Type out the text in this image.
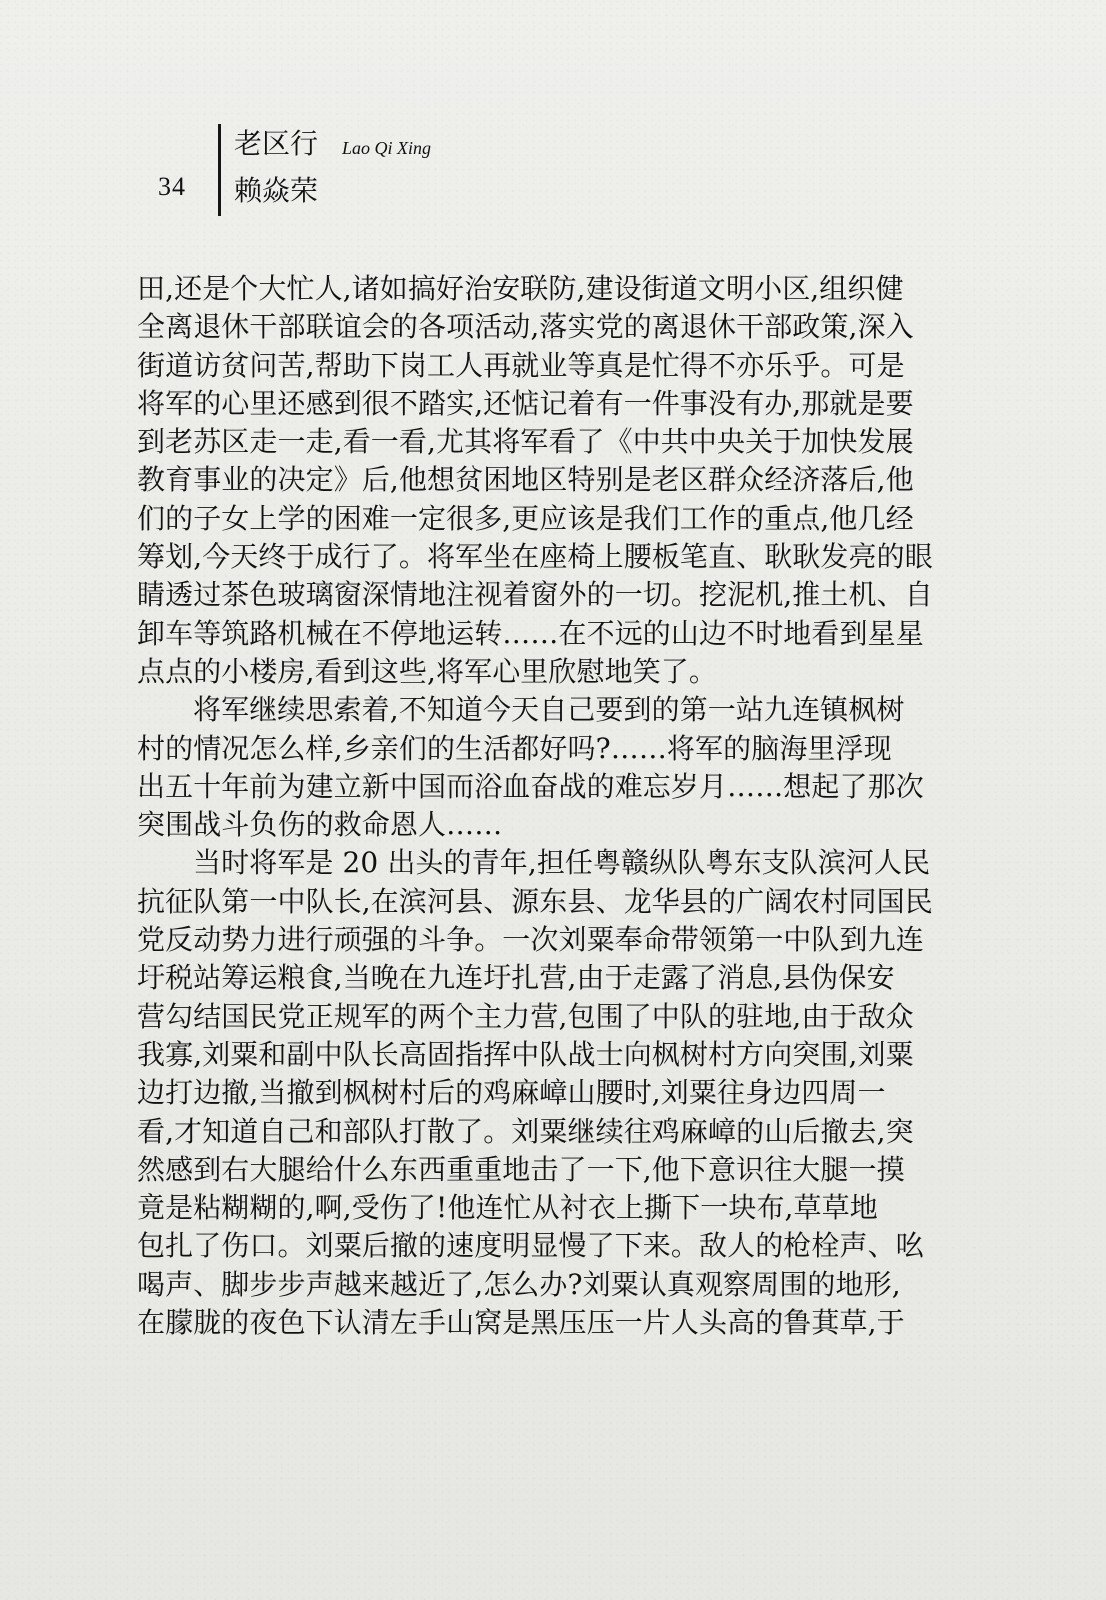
34
老区行 Lao Qi Xing
赖焱荣
田,还是个大忙人,诸如搞好治安联防,建设街道文明小区,组织健
全离退休干部联谊会的各项活动,落实党的离退休干部政策,深入
街道访贫问苦,帮助下岗工人再就业等真是忙得不亦乐乎。可是
将军的心里还感到很不踏实,还惦记着有一件事没有办,那就是要
到老苏区走一走,看一看,尤其将军看了《中共中央关于加快发展
教育事业的决定》后,他想贫困地区特别是老区群众经济落后,他
们的子女上学的困难一定很多,更应该是我们工作的重点,他几经
筹划,今天终于成行了。将军坐在座椅上腰板笔直、耿耿发亮的眼
睛透过茶色玻璃窗深情地注视着窗外的一切。挖泥机,推土机、自
卸车等筑路机械在不停地运转……在不远的山边不时地看到星星
点点的小楼房,看到这些,将军心里欣慰地笑了。
将军继续思索着,不知道今天自己要到的第一站九连镇枫树
村的情况怎么样,乡亲们的生活都好吗?……将军的脑海里浮现
出五十年前为建立新中国而浴血奋战的难忘岁月……想起了那次
突围战斗负伤的救命恩人……
当时将军是 20 出头的青年,担任粤赣纵队粤东支队滨河人民
抗征队第一中队长,在滨河县、源东县、龙华县的广阔农村同国民
党反动势力进行顽强的斗争。一次刘粟奉命带领第一中队到九连
圩税站筹运粮食,当晚在九连圩扎营,由于走露了消息,县伪保安
营勾结国民党正规军的两个主力营,包围了中队的驻地,由于敌众
我寡,刘粟和副中队长高固指挥中队战士向枫树村方向突围,刘粟
边打边撤,当撤到枫树村后的鸡麻嶂山腰时,刘粟往身边四周一
看,才知道自己和部队打散了。刘粟继续往鸡麻嶂的山后撤去,突
然感到右大腿给什么东西重重地击了一下,他下意识往大腿一摸
竟是粘糊糊的,啊,受伤了!他连忙从衬衣上撕下一块布,草草地
包扎了伤口。刘粟后撤的速度明显慢了下来。敌人的枪栓声、吆
喝声、脚步步声越来越近了,怎么办?刘粟认真观察周围的地形,
在朦胧的夜色下认清左手山窝是黑压压一片人头高的鲁萁草,于
